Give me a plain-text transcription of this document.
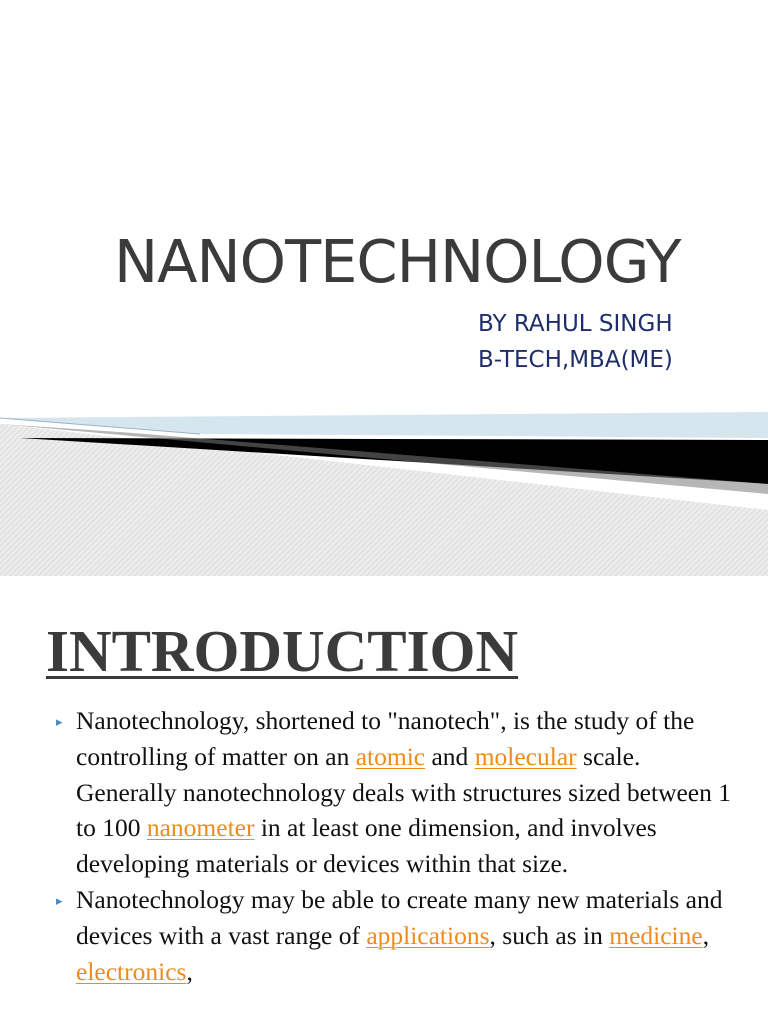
NANOTECHNOLOGY
BY RAHUL SINGH
B-TECH,MBA(ME)
INTRODUCTION
▸ Nanotechnology, shortened to "nanotech", is the study of the controlling of matter on an atomic and molecular scale. Generally nanotechnology deals with structures sized between 1 to 100 nanometer in at least one dimension, and involves developing materials or devices within that size.
▸ Nanotechnology may be able to create many new materials and devices with a vast range of applications, such as in medicine, electronics,
